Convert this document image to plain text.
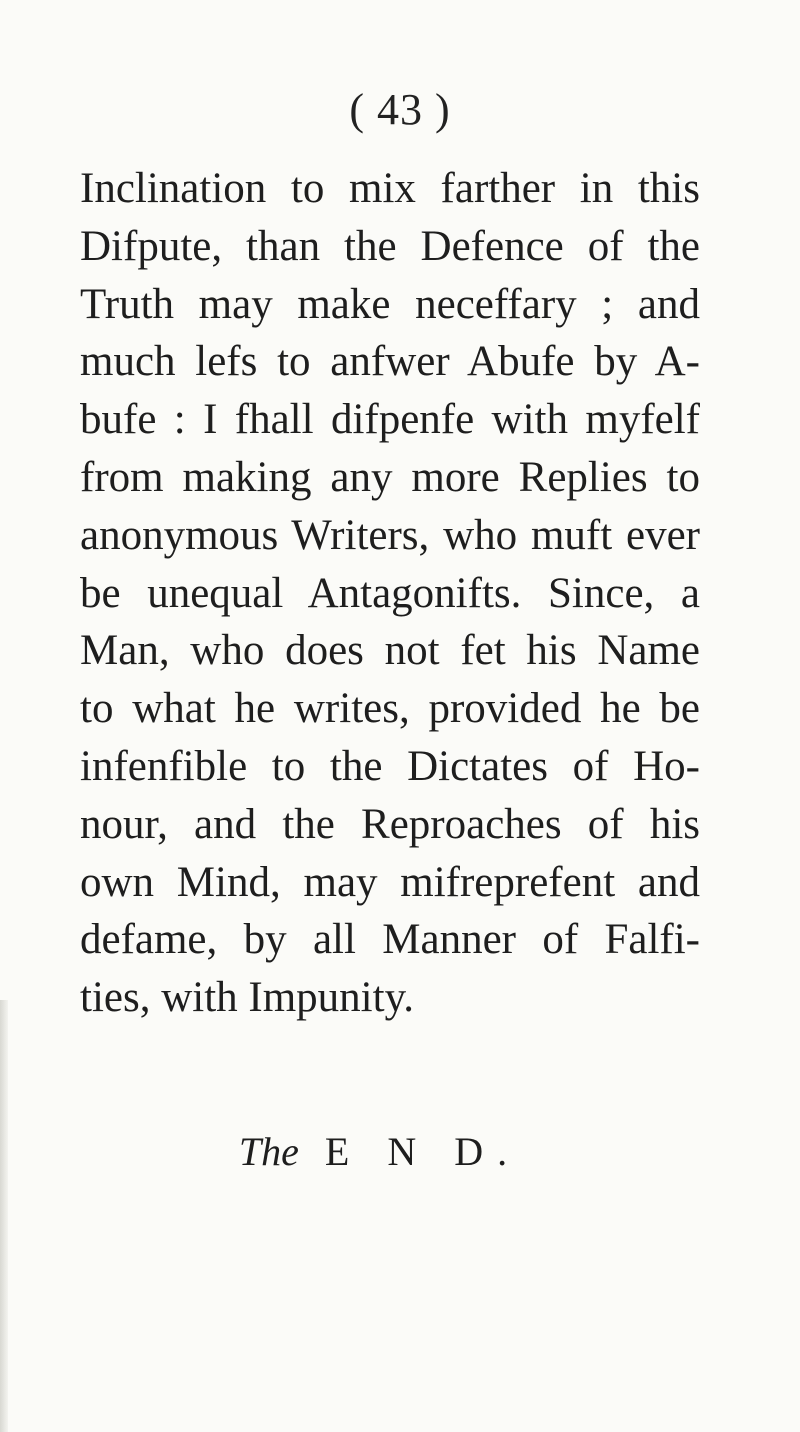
( 43 )
Inclination to mix farther in this
Difpute, than the Defence of the
Truth may make neceffary ; and
much lefs to anfwer Abufe by A-
bufe : I fhall difpenfe with myfelf
from making any more Replies to
anonymous Writers, who muft ever
be unequal Antagonifts. Since, a
Man, who does not fet his Name
to what he writes, provided he be
infenfible to the Dictates of Ho-
nour, and the Reproaches of his
own Mind, may mifreprefent and
defame, by all Manner of Falfi-
ties, with Impunity.
The E N D.
